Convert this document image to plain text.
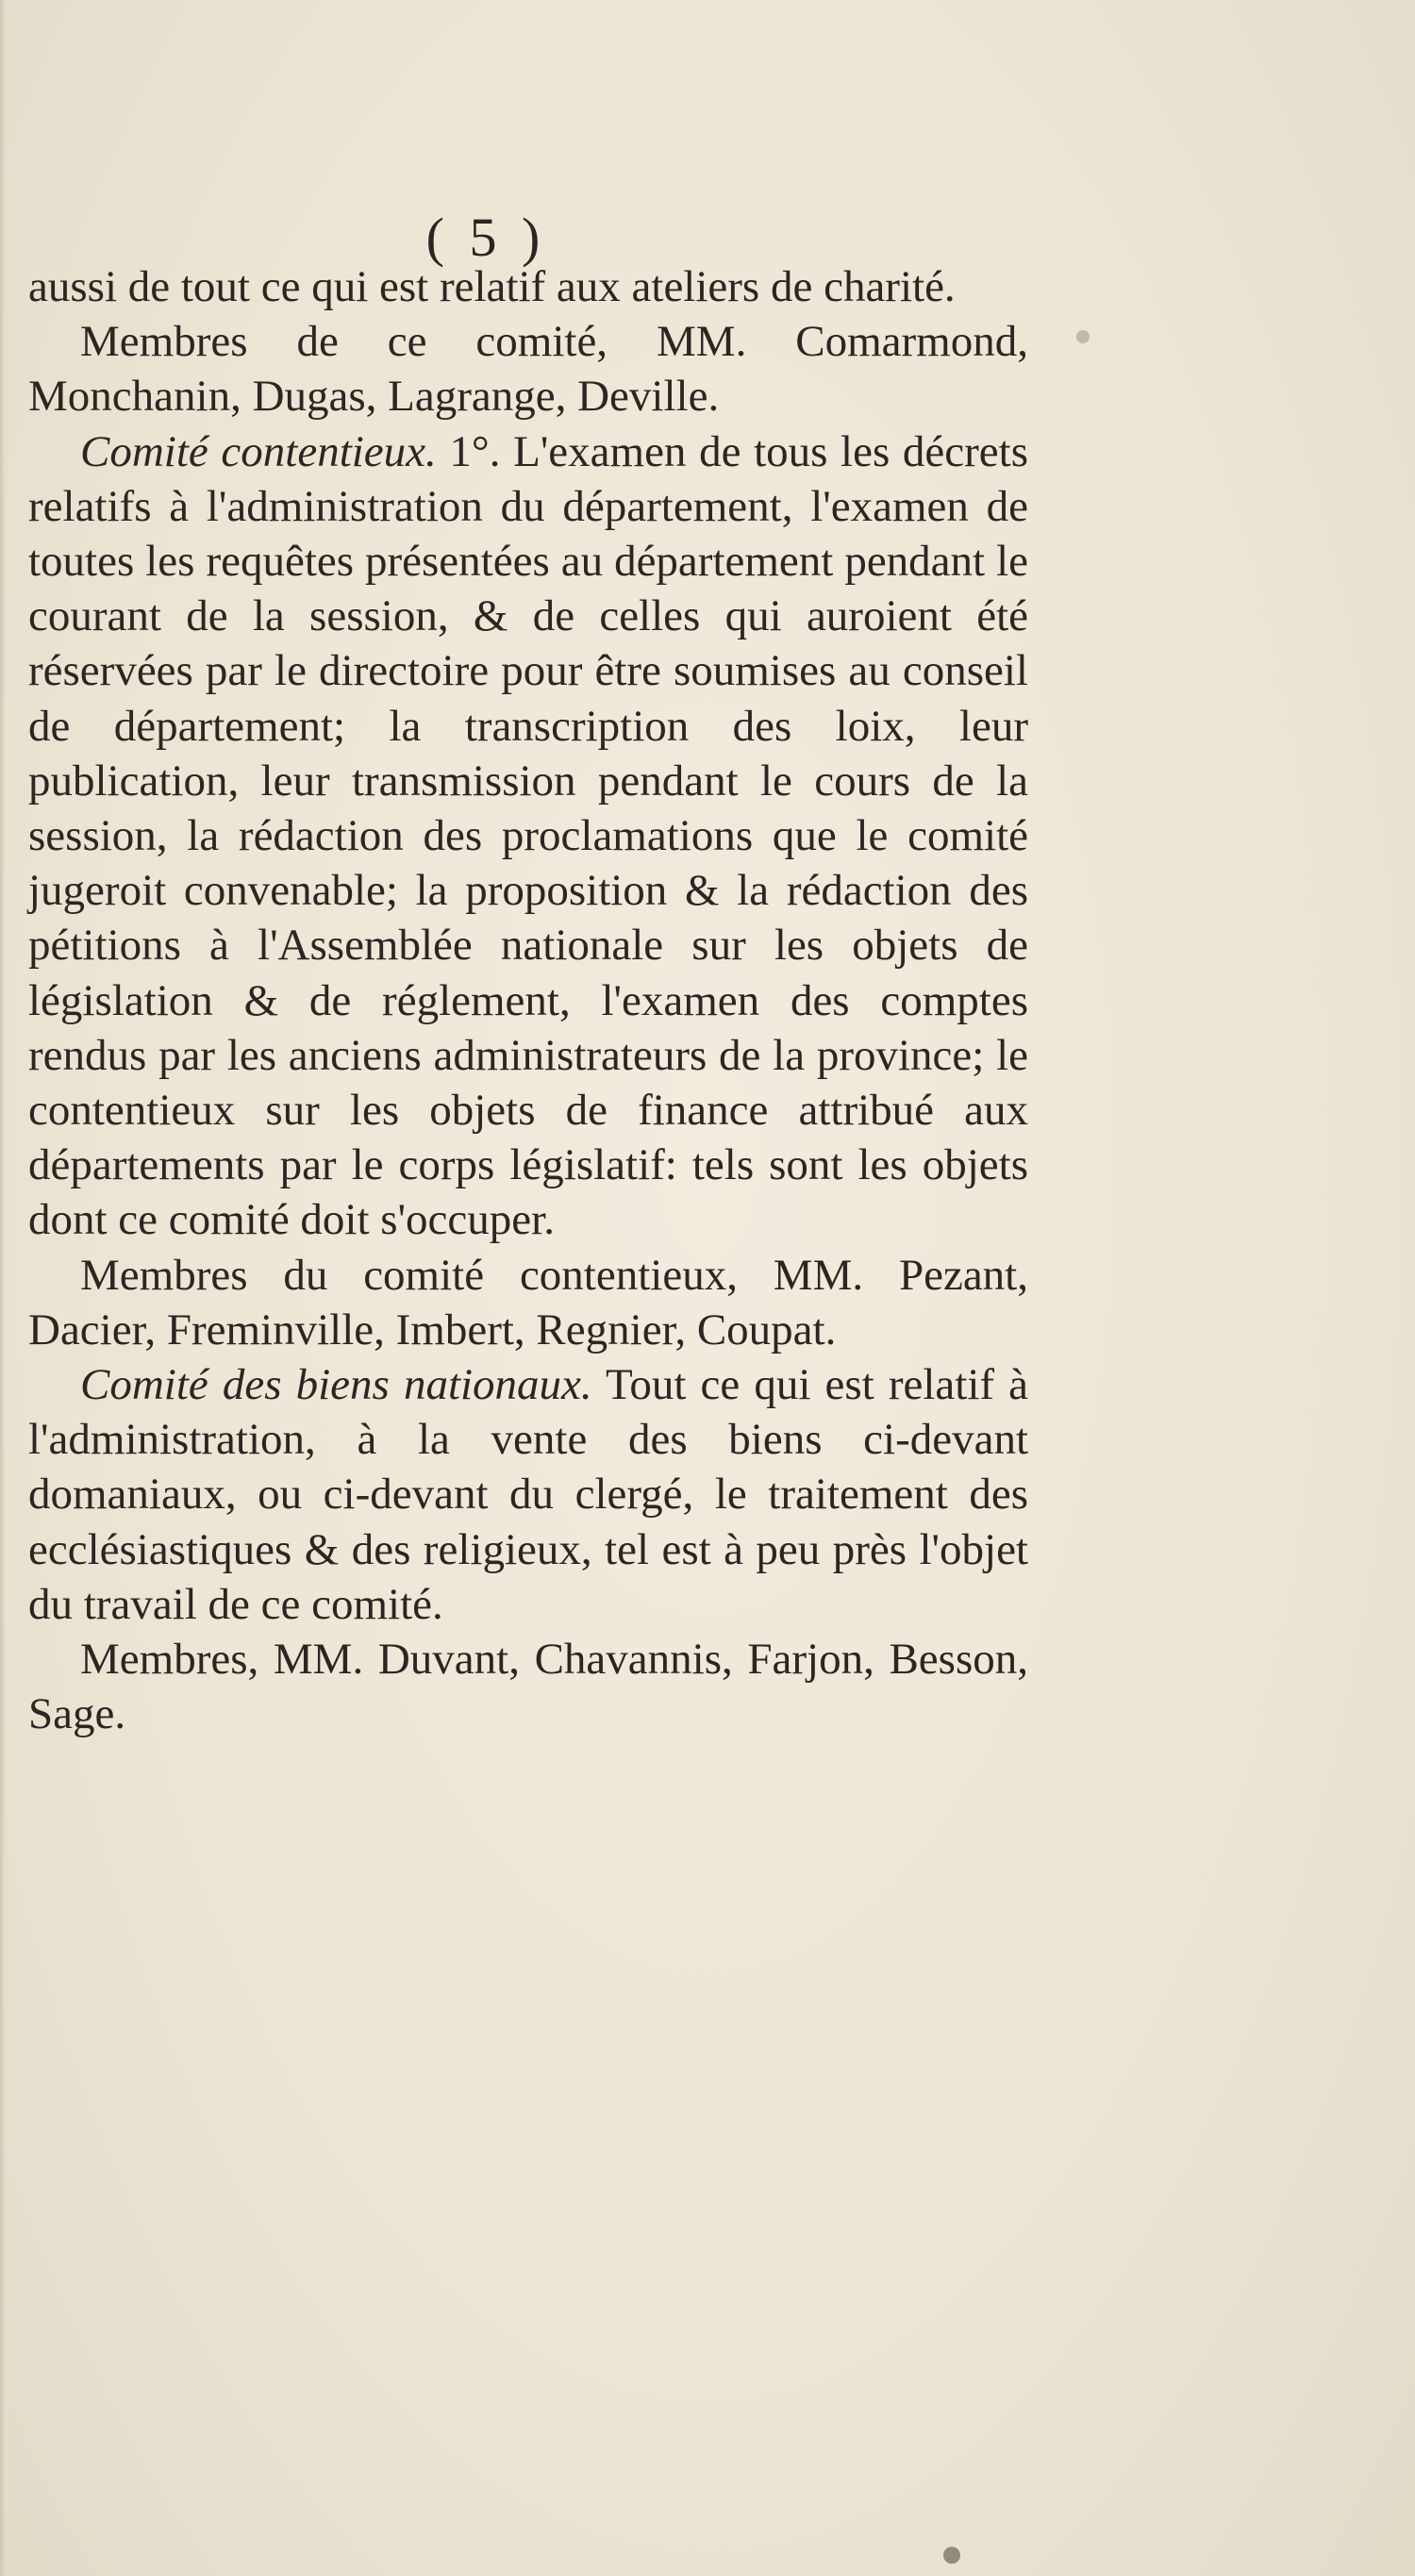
( 5 )

aussi de tout ce qui est relatif aux ateliers de charité.

Membres de ce comité, MM. Comarmond, Monchanin, Dugas, Lagrange, Deville.

Comité contentieux. 1°. L'examen de tous les décrets relatifs à l'administration du département, l'examen de toutes les requêtes présentées au département pendant le courant de la session, & de celles qui auroient été réservées par le directoire pour être soumises au conseil de département; la transcription des loix, leur publication, leur transmission pendant le cours de la session, la rédaction des proclamations que le comité jugeroit convenable; la proposition & la rédaction des pétitions à l'Assemblée nationale sur les objets de législation & de réglement, l'examen des comptes rendus par les anciens administrateurs de la province; le contentieux sur les objets de finance attribué aux départements par le corps législatif: tels sont les objets dont ce comité doit s'occuper.

Membres du comité contentieux, MM. Pezant, Dacier, Freminville, Imbert, Regnier, Coupat.

Comité des biens nationaux. Tout ce qui est relatif à l'administration, à la vente des biens ci-devant domaniaux, ou ci-devant du clergé, le traitement des ecclésiastiques & des religieux, tel est à peu près l'objet du travail de ce comité.

Membres, MM. Duvant, Chavannis, Farjon, Besson, Sage.
